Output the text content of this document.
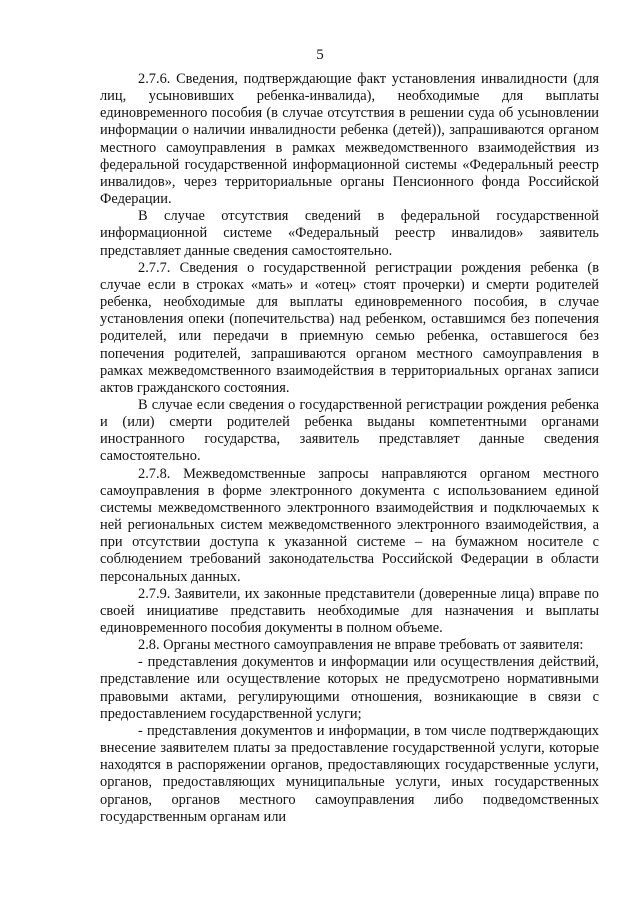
5

2.7.6. Сведения, подтверждающие факт установления инвалидности (для лиц, усыновивших ребенка-инвалида), необходимые для выплаты единовременного пособия (в случае отсутствия в решении суда об усыновлении информации о наличии инвалидности ребенка (детей)), запрашиваются органом местного самоуправления в рамках межведомственного взаимодействия из федеральной государственной информационной системы «Федеральный реестр инвалидов», через территориальные органы Пенсионного фонда Российской Федерации.

В случае отсутствия сведений в федеральной государственной информационной системе «Федеральный реестр инвалидов» заявитель представляет данные сведения самостоятельно.

2.7.7. Сведения о государственной регистрации рождения ребенка (в случае если в строках «мать» и «отец» стоят прочерки) и смерти родителей ребенка, необходимые для выплаты единовременного пособия, в случае установления опеки (попечительства) над ребенком, оставшимся без попечения родителей, или передачи в приемную семью ребенка, оставшегося без попечения родителей, запрашиваются органом местного самоуправления в рамках межведомственного взаимодействия в территориальных органах записи актов гражданского состояния.

В случае если сведения о государственной регистрации рождения ребенка и (или) смерти родителей ребенка выданы компетентными органами иностранного государства, заявитель представляет данные сведения самостоятельно.

2.7.8. Межведомственные запросы направляются органом местного самоуправления в форме электронного документа с использованием единой системы межведомственного электронного взаимодействия и подключаемых к ней региональных систем межведомственного электронного взаимодействия, а при отсутствии доступа к указанной системе – на бумажном носителе с соблюдением требований законодательства Российской Федерации в области персональных данных.

2.7.9. Заявители, их законные представители (доверенные лица) вправе по своей инициативе представить необходимые для назначения и выплаты единовременного пособия документы в полном объеме.

2.8. Органы местного самоуправления не вправе требовать от заявителя:

- представления документов и информации или осуществления действий, представление или осуществление которых не предусмотрено нормативными правовыми актами, регулирующими отношения, возникающие в связи с предоставлением государственной услуги;

- представления документов и информации, в том числе подтверждающих внесение заявителем платы за предоставление государственной услуги, которые находятся в распоряжении органов, предоставляющих государственные услуги, органов, предоставляющих муниципальные услуги, иных государственных органов, органов местного самоуправления либо подведомственных государственным органам или
